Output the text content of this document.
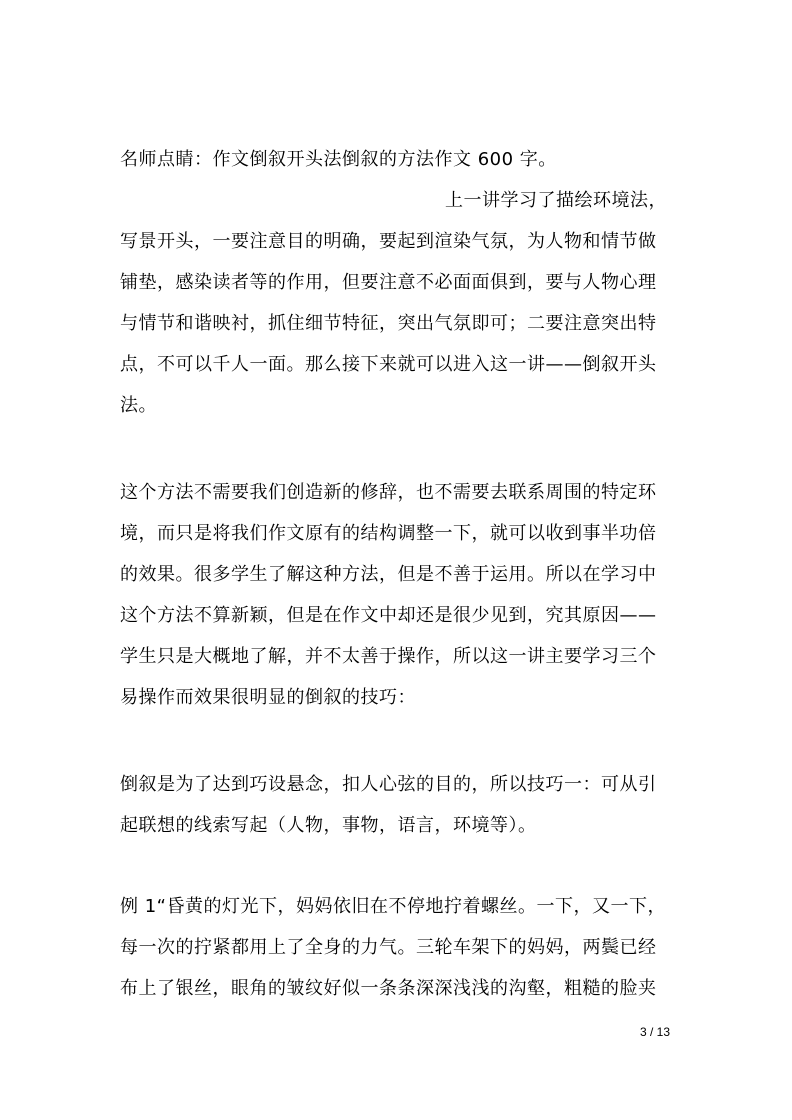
名师点睛：作文倒叙开头法倒叙的方法作文 600 字。
上一讲学习了描绘环境法，
写景开头，一要注意目的明确，要起到渲染气氛，为人物和情节做
铺垫，感染读者等的作用，但要注意不必面面俱到，要与人物心理
与情节和谐映衬，抓住细节特征，突出气氛即可；二要注意突出特
点，不可以千人一面。那么接下来就可以进入这一讲——倒叙开头
法。
这个方法不需要我们创造新的修辞，也不需要去联系周围的特定环
境，而只是将我们作文原有的结构调整一下，就可以收到事半功倍
的效果。很多学生了解这种方法，但是不善于运用。所以在学习中
这个方法不算新颖，但是在作文中却还是很少见到，究其原因——
学生只是大概地了解，并不太善于操作，所以这一讲主要学习三个
易操作而效果很明显的倒叙的技巧：
倒叙是为了达到巧设悬念，扣人心弦的目的，所以技巧一：可从引
起联想的线索写起（人物，事物，语言，环境等）。
例 1“昏黄的灯光下，妈妈依旧在不停地拧着螺丝。一下，又一下，
每一次的拧紧都用上了全身的力气。三轮车架下的妈妈，两鬓已经
布上了银丝，眼角的皱纹好似一条条深深浅浅的沟壑，粗糙的脸夹
3 / 13
